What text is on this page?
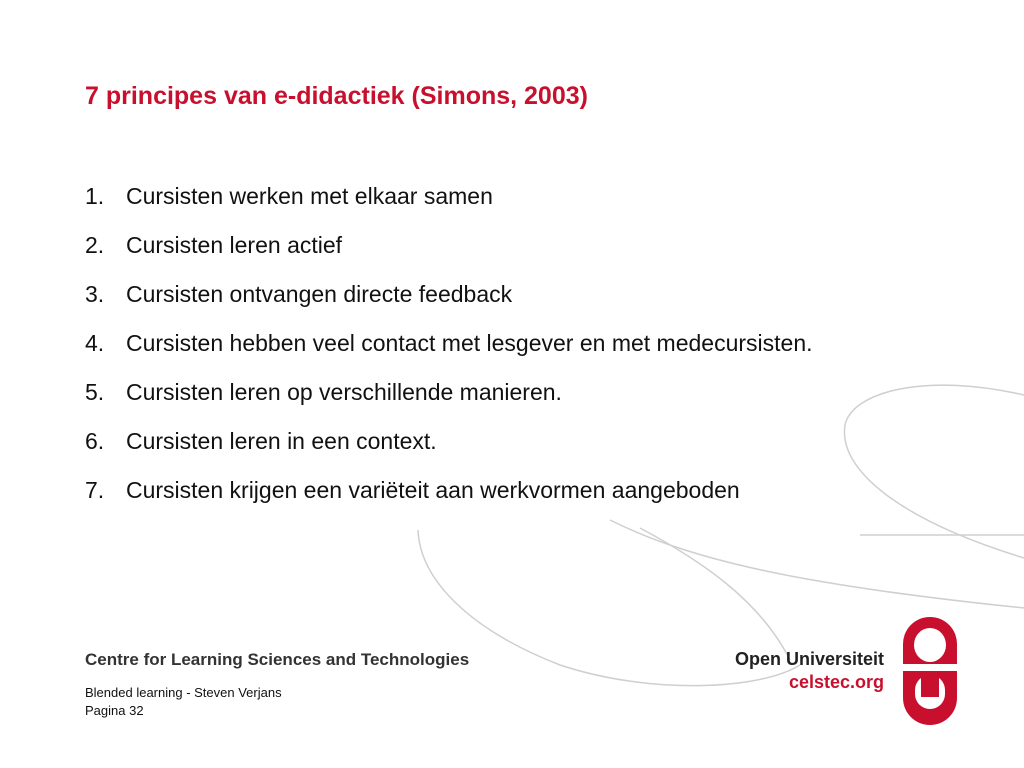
7 principes van e-didactiek (Simons, 2003)
1. Cursisten werken met elkaar samen
2. Cursisten leren actief
3. Cursisten ontvangen directe feedback
4. Cursisten hebben veel contact met lesgever en met medecursisten.
5. Cursisten leren op verschillende manieren.
6. Cursisten leren in een context.
7. Cursisten krijgen een variëteit aan werkvormen aangeboden
Centre for Learning Sciences and Technologies	Open Universiteit
celstec.org
Blended learning - Steven Verjans
Pagina 32
